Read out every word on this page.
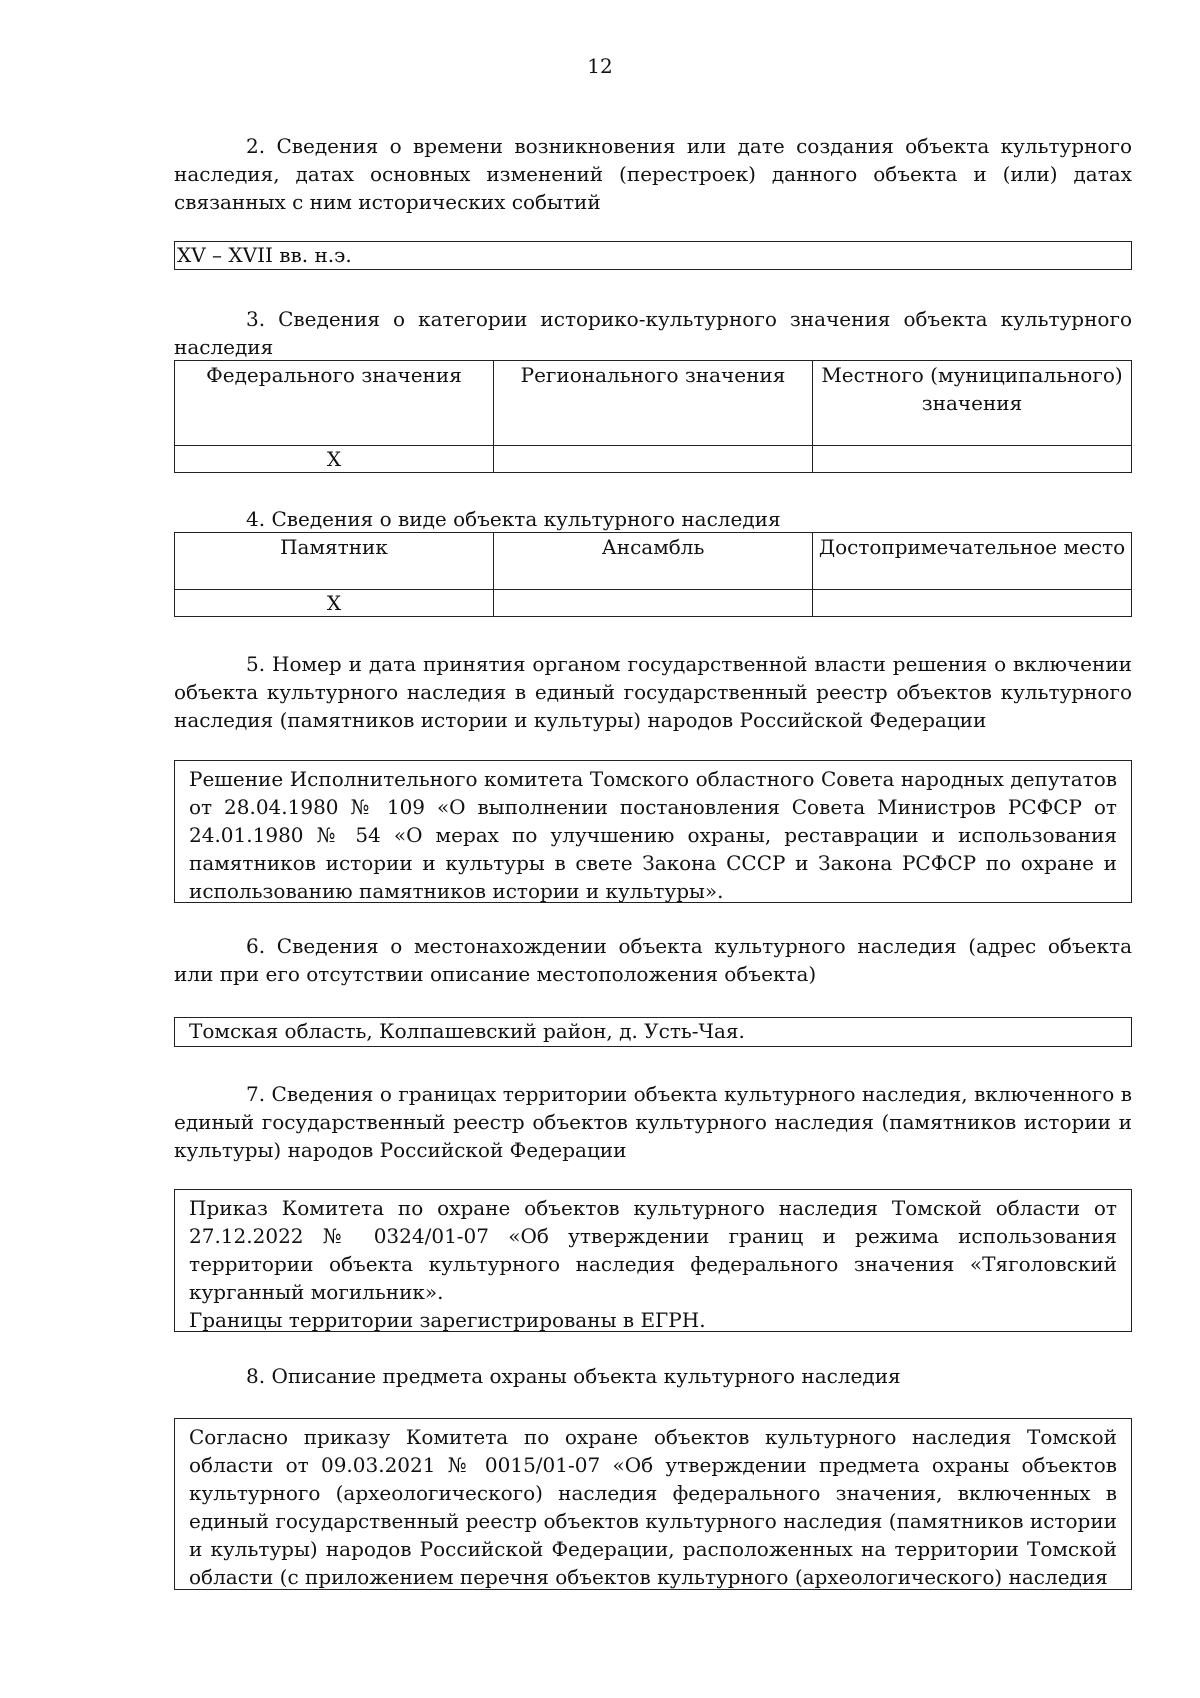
12

2. Сведения о времени возникновения или дате создания объекта культурного наследия, датах основных изменений (перестроек) данного объекта и (или) датах связанных с ним исторических событий

XV – XVII вв. н.э.

3. Сведения о категории историко-культурного значения объекта культурного наследия

Федерального значения	Регионального значения	Местного (муниципального) значения
Х		

4. Сведения о виде объекта культурного наследия

Памятник	Ансамбль	Достопримечательное место
Х		

5. Номер и дата принятия органом государственной власти решения о включении объекта культурного наследия в единый государственный реестр объектов культурного наследия (памятников истории и культуры) народов Российской Федерации

Решение Исполнительного комитета Томского областного Совета народных депутатов от 28.04.1980 № 109 «О выполнении постановления Совета Министров РСФСР от 24.01.1980 № 54 «О мерах по улучшению охраны, реставрации и использования памятников истории и культуры в свете Закона СССР и Закона РСФСР по охране и использованию памятников истории и культуры».

6. Сведения о местонахождении объекта культурного наследия (адрес объекта или при его отсутствии описание местоположения объекта)

Томская область, Колпашевский район, д. Усть-Чая.

7. Сведения о границах территории объекта культурного наследия, включенного в единый государственный реестр объектов культурного наследия (памятников истории и культуры) народов Российской Федерации

Приказ Комитета по охране объектов культурного наследия Томской области от 27.12.2022 № 0324/01-07 «Об утверждении границ и режима использования территории объекта культурного наследия федерального значения «Тяголовский курганный могильник».

Границы территории зарегистрированы в ЕГРН.

8. Описание предмета охраны объекта культурного наследия

Согласно приказу Комитета по охране объектов культурного наследия Томской области от 09.03.2021 № 0015/01-07 «Об утверждении предмета охраны объектов культурного (археологического) наследия федерального значения, включенных в единый государственный реестр объектов культурного наследия (памятников истории и культуры) народов Российской Федерации, расположенных на территории Томской области (с приложением перечня объектов культурного (археологического) наследия
